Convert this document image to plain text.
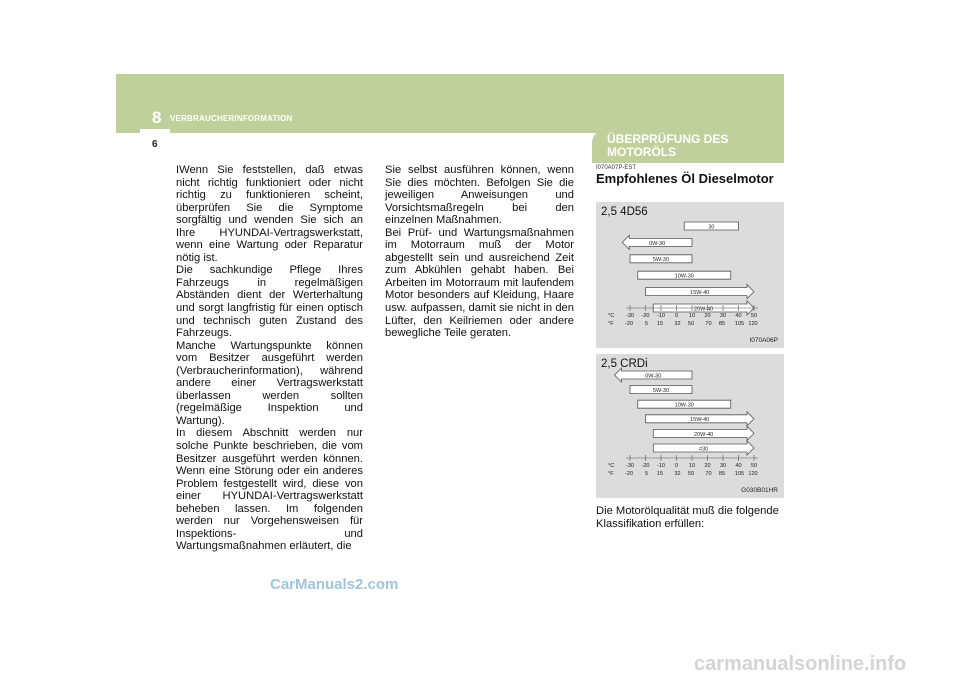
8 VERBRAUCHERINFORMATION
6	ÜBERPRÜFUNG DES MOTORÖLS

IWenn Sie feststellen, daß etwas nicht richtig funktioniert oder nicht richtig zu funktionieren scheint, überprüfen Sie die Symptome sorgfältig und wenden Sie sich an Ihre HYUNDAI-Vertragswerkstatt, wenn eine Wartung oder Reparatur nötig ist.

Die sachkundige Pflege Ihres Fahrzeugs in regelmäßigen Abständen dient der Werterhaltung und sorgt langfristig für einen optisch und technisch guten Zustand des Fahrzeugs.

Manche Wartungspunkte können vom Besitzer ausgeführt werden (Verbraucherinformation), während andere einer Vertragswerkstatt überlassen werden sollten (regelmäßige Inspektion und Wartung).

In diesem Abschnitt werden nur solche Punkte beschrieben, die vom Besitzer ausgeführt werden können. Wenn eine Störung oder ein anderes Problem festgestellt wird, diese von einer HYUNDAI-Vertragswerkstatt beheben lassen. Im folgenden werden nur Vorgehensweisen für Inspektions- und Wartungsmaßnahmen erläutert, die

Sie selbst ausführen können, wenn Sie dies möchten. Befolgen Sie die jeweiligen Anweisungen und Vorsichtsmaßregeln bei den einzelnen Maßnahmen.

Bei Prüf- und Wartungsmaßnahmen im Motorraum muß der Motor abgestellt sein und ausreichend Zeit zum Abkühlen gehabt haben. Bei Arbeiten im Motorraum mit laufendem Motor besonders auf Kleidung, Haare usw. aufpassen, damit sie nicht in den Lüfter, den Keilriemen oder andere bewegliche Teile geraten.

I070A07P-EST
Empfohlenes Öl Dieselmotor
2,5 4D56
30
0W-30
5W-30
10W-30
15W-40
20W-40
-30
-20
-20
5
-10
15
0
32
10
50
20
70
30
85
40
105
50
120
°C
°F
I070A06P
2,5 CRDi
0W-30
5W-30
10W-30
15W-40
20W-40
#30
-30
-20
-20
5
-10
15
0
32
10
50
20
70
30
85
40
105
50
120
°C
°F
G030B01HR
Die Motorölqualität muß die folgende Klassifikation erfüllen:
CarManuals2.com
carmanualsonline.info
